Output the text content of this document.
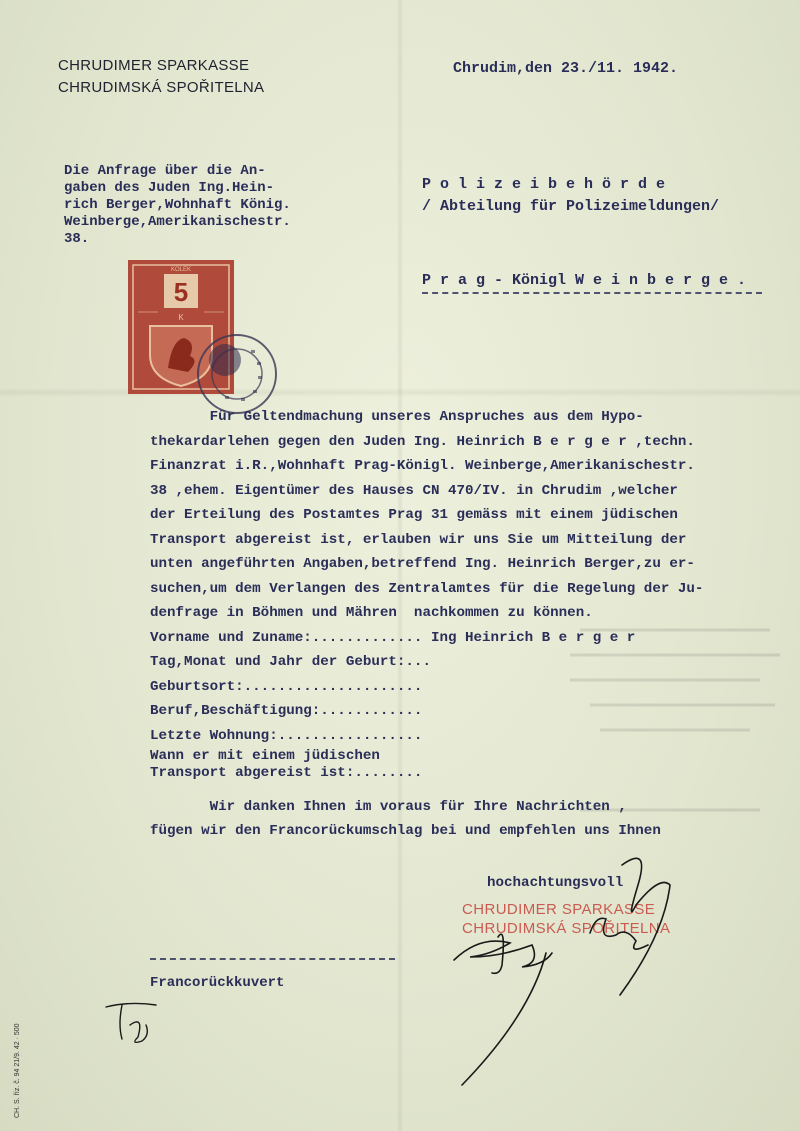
CHRUDIMER SPARKASSE
CHRUDIMSKÁ SPOŘITELNA
Chrudim,den 23./11. 1942.
Die Anfrage über die An-
gaben des Juden Ing.Hein-
rich Berger,Wohnhaft König.
Weinberge,Amerikanischestr.
38.
P o l i z e i b e h ö r d e
/ Abteilung für Polizeimeldungen/
P r a g - Königl W e i n b e r g e .
5
KOLEK
K
Für Geltendmachung unseres Anspruches aus dem Hypo-
thekardarlehen gegen den Juden Ing. Heinrich B e r g e r ,techn.
Finanzrat i.R.,Wohnhaft Prag-Königl. Weinberge,Amerikanischestr.
38 ,ehem. Eigentümer des Hauses CN 470/IV. in Chrudim ,welcher
der Erteilung des Postamtes Prag 31 gemäss mit einem jüdischen
Transport abgereist ist, erlauben wir uns Sie um Mitteilung der
unten angeführten Angaben,betreffend Ing. Heinrich Berger,zu er-
suchen,um dem Verlangen des Zentralamtes für die Regelung der Ju-
denfrage in Böhmen und Mähren  nachkommen zu können.
Vorname und Zuname:............. Ing Heinrich B e r g e r
Tag,Monat und Jahr der Geburt:...
Geburtsort:.....................
Beruf,Beschäftigung:............
Letzte Wohnung:.................
Wann er mit einem jüdischen
Transport abgereist ist:........
Wir danken Ihnen im voraus für Ihre Nachrichten ,
fügen wir den Francorückumschlag bei und empfehlen uns Ihnen
hochachtungsvoll
CHRUDIMER SPARKASSE
CHRUDIMSKÁ SPOŘITELNA
Francorückkuvert
CH. S. říz. č. 94 21/9. 42 · 500
